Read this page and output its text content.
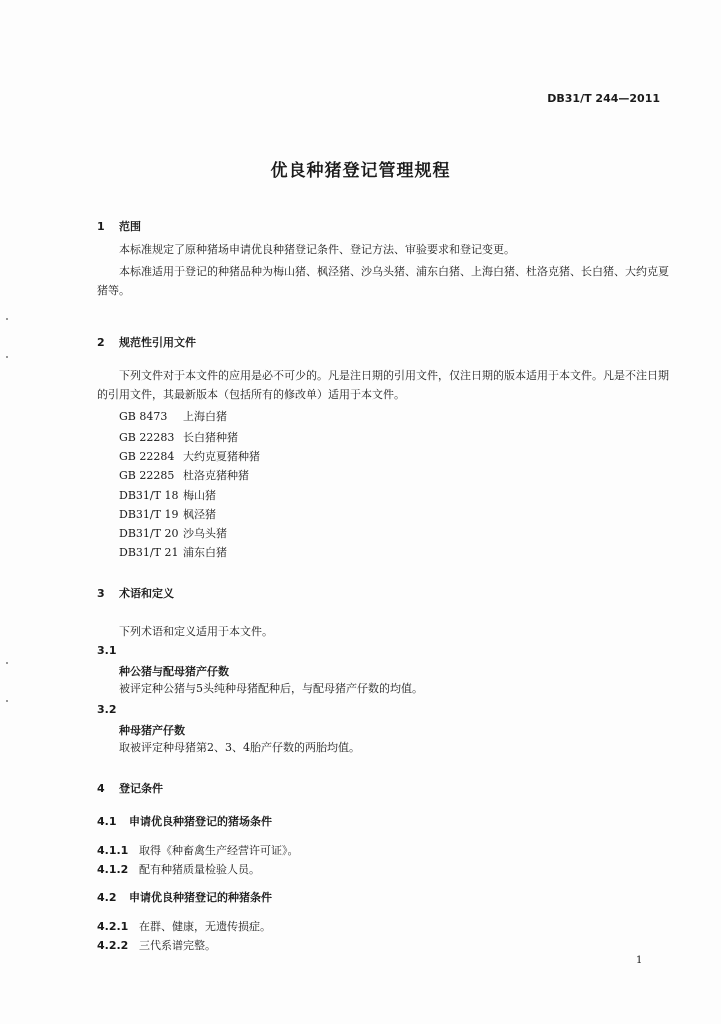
DB31/T 244—2011
优良种猪登记管理规程
1 范围
本标准规定了原种猪场申请优良种猪登记条件、登记方法、审验要求和登记变更。
本标准适用于登记的种猪品种为梅山猪、枫泾猪、沙乌头猪、浦东白猪、上海白猪、杜洛克猪、长白猪、大约克夏猪等。
2 规范性引用文件
下列文件对于本文件的应用是必不可少的。凡是注日期的引用文件，仅注日期的版本适用于本文件。凡是不注日期的引用文件，其最新版本（包括所有的修改单）适用于本文件。
GB 8473 上海白猪
GB 22283 长白猪种猪
GB 22284 大约克夏猪种猪
GB 22285 杜洛克猪种猪
DB31/T 18 梅山猪
DB31/T 19 枫泾猪
DB31/T 20 沙乌头猪
DB31/T 21 浦东白猪
3 术语和定义
下列术语和定义适用于本文件。
3.1
种公猪与配母猪产仔数
被评定种公猪与5头纯种母猪配种后，与配母猪产仔数的均值。
3.2
种母猪产仔数
取被评定种母猪第2、3、4胎产仔数的两胎均值。
4 登记条件
4.1 申请优良种猪登记的猪场条件
4.1.1 取得《种畜禽生产经营许可证》。
4.1.2 配有种猪质量检验人员。
4.2 申请优良种猪登记的种猪条件
4.2.1 在群、健康，无遗传损症。
4.2.2 三代系谱完整。
1
